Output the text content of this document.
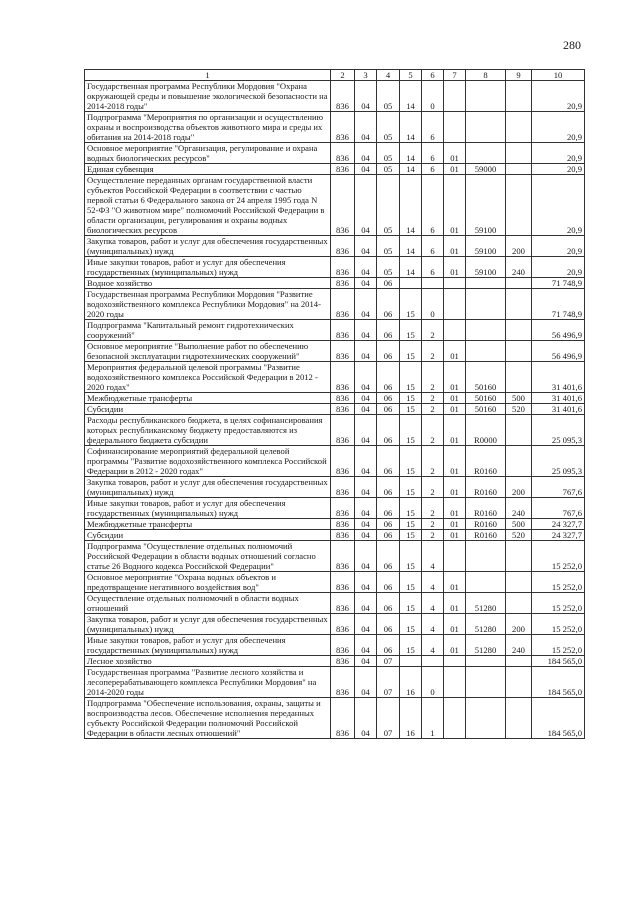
280
1	2	3	4	5	6	7	8	9	10
Государственная программа Республики Мордовия "Охрана окружающей среды и повышение экологической безопасности на 2014-2018 годы"	836	04	05	14	0				20,9
Подпрограмма "Мероприятия по организации и осуществлению охраны и воспроизводства объектов животного мира и среды их обитания на 2014-2018 годы"	836	04	05	14	6				20,9
Основное мероприятие "Организация, регулирование и охрана водных биологических ресурсов"	836	04	05	14	6	01			20,9
Единая субвенция	836	04	05	14	6	01	59000		20,9
Осуществление переданных органам государственной власти субъектов Российской Федерации в соответствии с частью первой статьи 6 Федерального закона от 24 апреля 1995 года N 52-ФЗ "О животном мире" полномочий Российской Федерации в области организации, регулирования и охраны водных биологических ресурсов	836	04	05	14	6	01	59100		20,9
Закупка товаров, работ и услуг для обеспечения государственных (муниципальных) нужд	836	04	05	14	6	01	59100	200	20,9
Иные закупки товаров, работ и услуг для обеспечения государственных (муниципальных) нужд	836	04	05	14	6	01	59100	240	20,9
Водное хозяйство	836	04	06						71 748,9
Государственная программа Республики Мордовия "Развитие водохозяйственного комплекса Республики Мордовия" на 2014-2020 годы	836	04	06	15	0				71 748,9
Подпрограмма "Капитальный ремонт гидротехнических сооружений"	836	04	06	15	2				56 496,9
Основное мероприятие "Выполнение работ по обеспечению безопасной эксплуатации гидротехнических сооружений"	836	04	06	15	2	01			56 496,9
Мероприятия федеральной целевой программы "Развитие водохозяйственного комплекса Российской Федерации в 2012 - 2020 годах"	836	04	06	15	2	01	50160		31 401,6
Межбюджетные трансферты	836	04	06	15	2	01	50160	500	31 401,6
Субсидии	836	04	06	15	2	01	50160	520	31 401,6
Расходы республиканского бюджета, в целях софинансирования которых республиканскому бюджету предоставляются из федерального бюджета субсидии	836	04	06	15	2	01	R0000		25 095,3
Софинансирование мероприятий федеральной целевой программы "Развитие водохозяйственного комплекса Российской Федерации в 2012 - 2020 годах"	836	04	06	15	2	01	R0160		25 095,3
Закупка товаров, работ и услуг для обеспечения государственных (муниципальных) нужд	836	04	06	15	2	01	R0160	200	767,6
Иные закупки товаров, работ и услуг для обеспечения государственных (муниципальных) нужд	836	04	06	15	2	01	R0160	240	767,6
Межбюджетные трансферты	836	04	06	15	2	01	R0160	500	24 327,7
Субсидии	836	04	06	15	2	01	R0160	520	24 327,7
Подпрограмма "Осуществление отдельных полномочий Российской Федерации в области водных отношений согласно статье 26 Водного кодекса Российской Федерации"	836	04	06	15	4				15 252,0
Основное мероприятие "Охрана водных объектов и предотвращение негативного воздействия вод"	836	04	06	15	4	01			15 252,0
Осуществление отдельных полномочий в области водных отношений	836	04	06	15	4	01	51280		15 252,0
Закупка товаров, работ и услуг для обеспечения государственных (муниципальных) нужд	836	04	06	15	4	01	51280	200	15 252,0
Иные закупки товаров, работ и услуг для обеспечения государственных (муниципальных) нужд	836	04	06	15	4	01	51280	240	15 252,0
Лесное хозяйство	836	04	07						184 565,0
Государственная программа "Развитие лесного хозяйства и лесоперерабатывающего комплекса Республики Мордовия" на 2014-2020 годы	836	04	07	16	0				184 565,0
Подпрограмма "Обеспечение использования, охраны, защиты и воспроизводства лесов. Обеспечение исполнения переданных субъекту Российской Федерации полномочий Российской Федерации в области лесных отношений"	836	04	07	16	1				184 565,0
